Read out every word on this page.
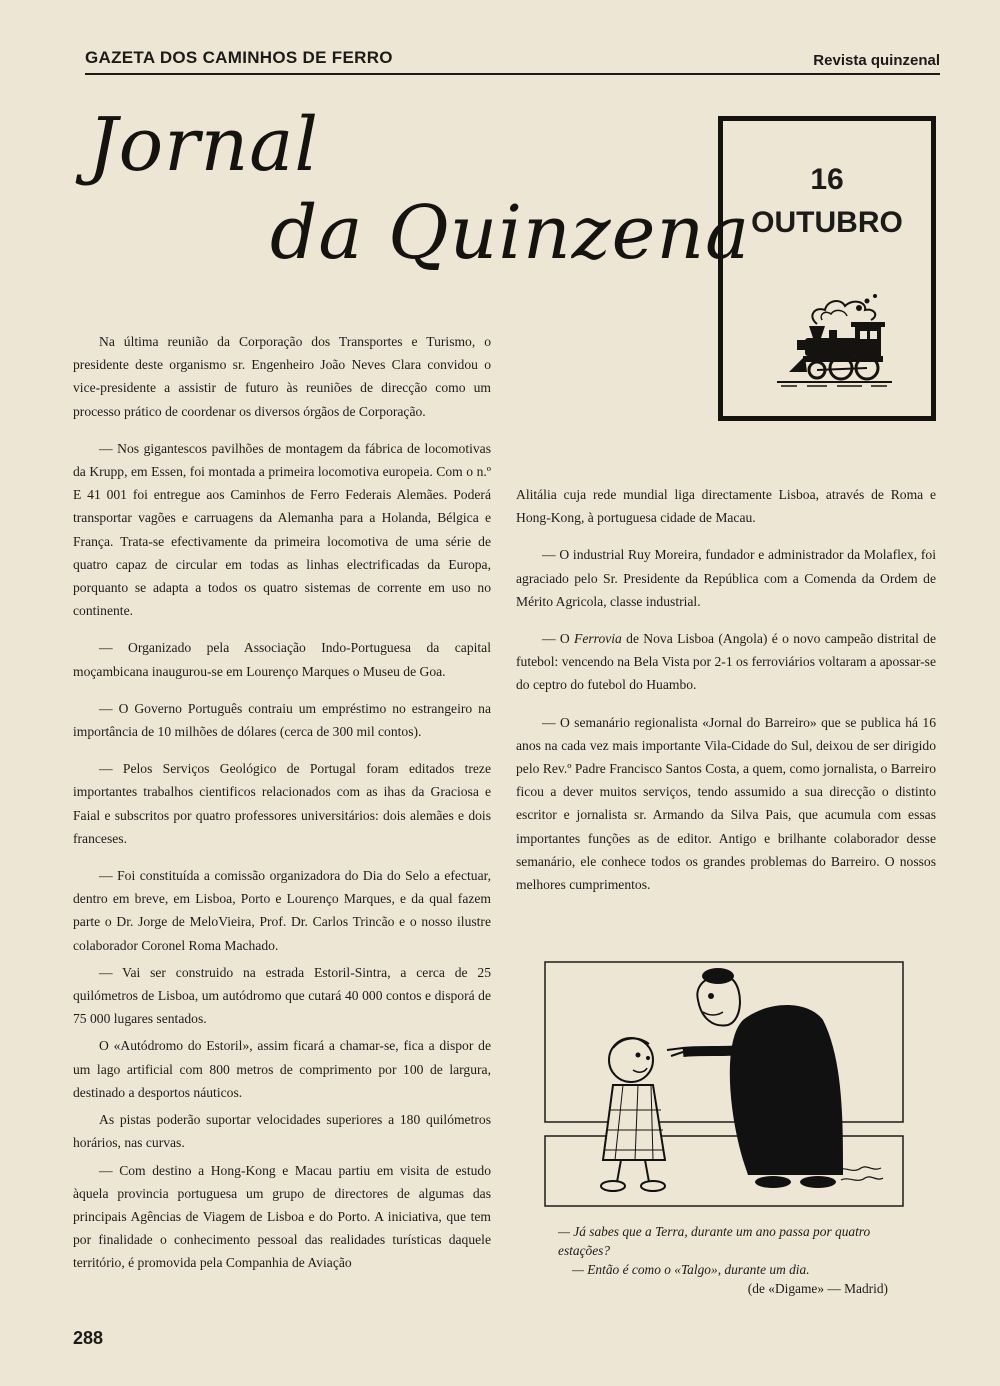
GAZETA DOS CAMINHOS DE FERRO	Revista quinzenal
Jornal
da Quinzena
16
OUTUBRO

Na última reunião da Corporação dos Transportes e Turismo, o presidente deste organismo sr. Engenheiro João Neves Clara convidou o vice-presidente a assistir de futuro às reuniões de direcção como um processo prático de coordenar os diversos órgãos de Corporação.

— Nos gigantescos pavilhões de montagem da fábrica de locomotivas da Krupp, em Essen, foi montada a primeira locomotiva europeia. Com o n.º E 41 001 foi entregue aos Caminhos de Ferro Federais Alemães. Poderá transportar vagões e carruagens da Alemanha para a Holanda, Bélgica e França. Trata-se efectivamente da primeira locomotiva de uma série de quatro capaz de circular em todas as linhas electrificadas da Europa, porquanto se adapta a todos os quatro sistemas de corrente em uso no continente.

— Organizado pela Associação Indo-Portuguesa da capital moçambicana inaugurou-se em Lourenço Marques o Museu de Goa.

— O Governo Português contraiu um empréstimo no estrangeiro na importância de 10 milhões de dólares (cerca de 300 mil contos).

— Pelos Serviços Geológico de Portugal foram editados treze importantes trabalhos cientificos relacionados com as ihas da Graciosa e Faial e subscritos por quatro professores universitários: dois alemães e dois franceses.

— Foi constituída a comissão organizadora do Dia do Selo a efectuar, dentro em breve, em Lisboa, Porto e Lourenço Marques, e da qual fazem parte o Dr. Jorge de MeloVieira, Prof. Dr. Carlos Trincão e o nosso ilustre colaborador Coronel Roma Machado.

— Vai ser construido na estrada Estoril-Sintra, a cerca de 25 quilómetros de Lisboa, um autódromo que cutará 40 000 contos e disporá de 75 000 lugares sentados.

O «Autódromo do Estoril», assim ficará a chamar-se, fica a dispor de um lago artificial com 800 metros de comprimento por 100 de largura, destinado a desportos náuticos.

As pistas poderão suportar velocidades superiores a 180 quilómetros horários, nas curvas.

— Com destino a Hong-Kong e Macau partiu em visita de estudo àquela provincia portuguesa um grupo de directores de algumas das principais Agências de Viagem de Lisboa e do Porto. A iniciativa, que tem por finalidade o conhecimento pessoal das realidades turísticas daquele território, é promovida pela Companhia de Aviação

Alitália cuja rede mundial liga directamente Lisboa, através de Roma e Hong-Kong, à portuguesa cidade de Macau.

— O industrial Ruy Moreira, fundador e administrador da Molaflex, foi agraciado pelo Sr. Presidente da República com a Comenda da Ordem de Mérito Agricola, classe industrial.

— O Ferrovia de Nova Lisboa (Angola) é o novo campeão distrital de futebol: vencendo na Bela Vista por 2-1 os ferroviários voltaram a apossar-se do ceptro do futebol do Huambo.

— O semanário regionalista «Jornal do Barreiro» que se publica há 16 anos na cada vez mais importante Vila-Cidade do Sul, deixou de ser dirigido pelo Rev.º Padre Francisco Santos Costa, a quem, como jornalista, o Barreiro ficou a dever muitos serviços, tendo assumido a sua direcção o distinto escritor e jornalista sr. Armando da Silva Pais, que acumula com essas importantes funções as de editor. Antigo e brilhante colaborador desse semanário, ele conhece todos os grandes problemas do Barreiro. O nossos melhores cumprimentos.

— Já sabes que a Terra, durante um ano passa por quatro estações?
— Então é como o «Talgo», durante um dia.
(de «Digame» — Madrid)
288
